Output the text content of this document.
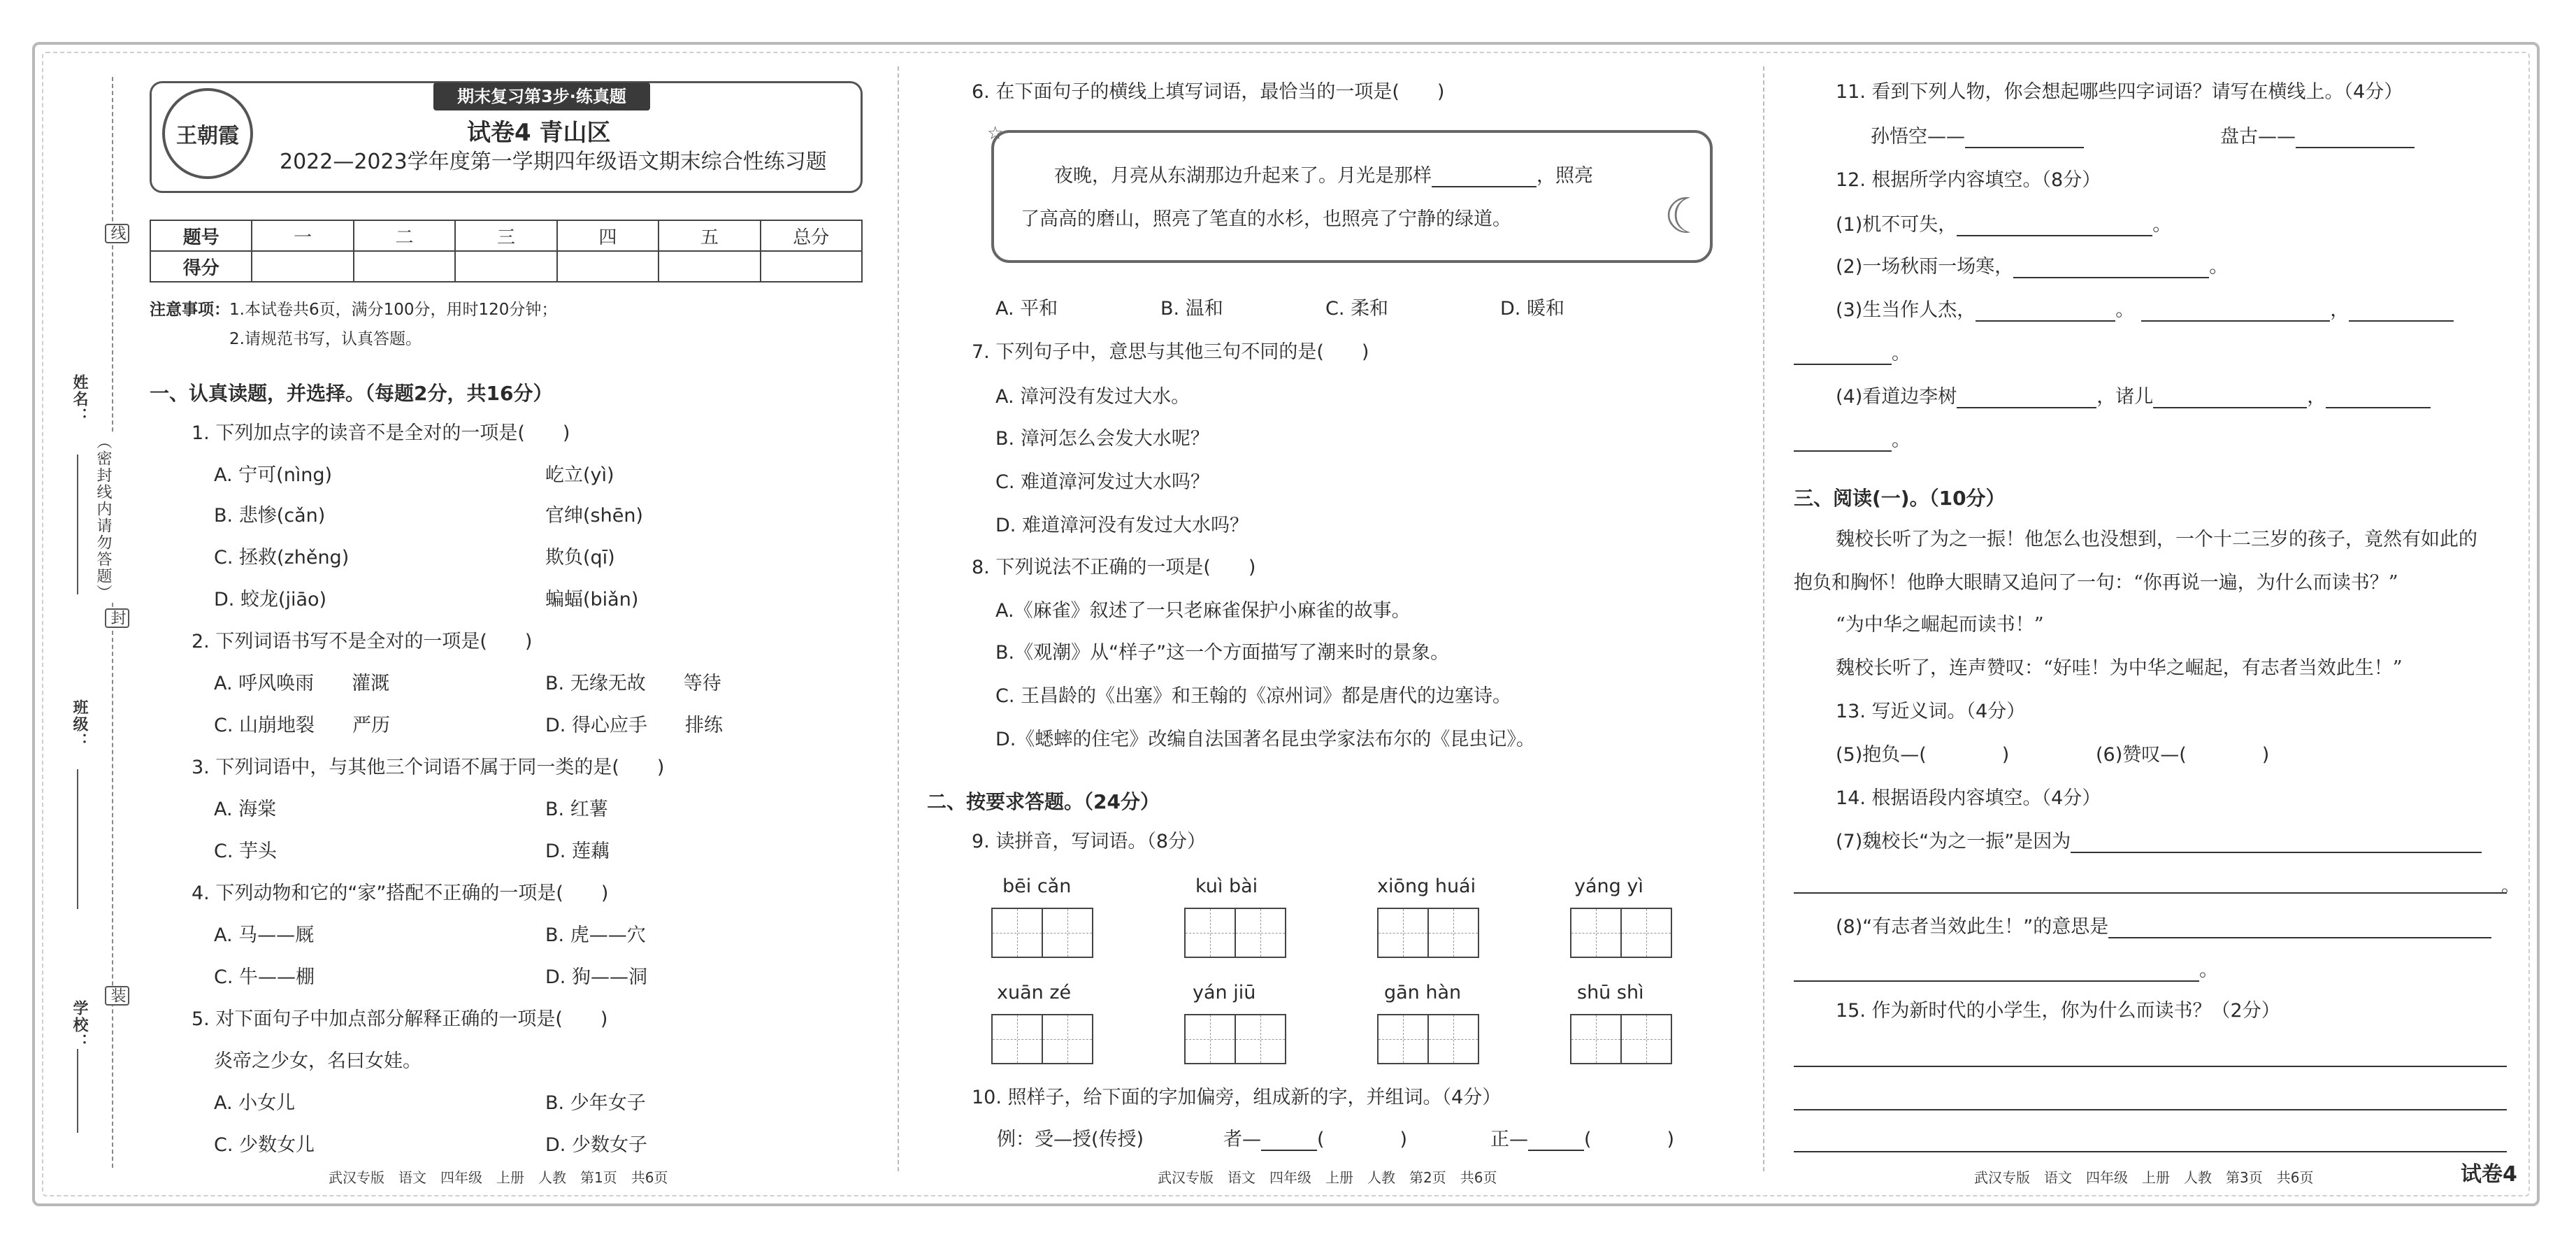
姓名：
班级：
学校：
线
封
装
（密封线内请勿答题）
王朝霞
期末复习第3步·练真题
试卷4 青山区
2022—2023学年度第一学期四年级语文期末综合性练习题
题号	一	二	三	四	五	总分
得分						
注意事项： 1.本试卷共6页，满分100分，用时120分钟；
2.请规范书写，认真答题。
一、认真读题，并选择。（每题2分，共16分）
1. 下列加点字的读音不是全对的一项是(　　)
A. 宁可(nìng)	屹立(yì)
B. 悲惨(cǎn)	官绅(shēn)
C. 拯救(zhěng)	欺负(qī)
D. 蛟龙(jiāo)	蝙蝠(biǎn)
2. 下列词语书写不是全对的一项是(　　)
A. 呼风唤雨　　灌溉	B. 无缘无故　　等待
C. 山崩地裂　　严历	D. 得心应手　　排练
3. 下列词语中，与其他三个词语不属于同一类的是(　　)
A. 海棠	B. 红薯
C. 芋头	D. 莲藕
4. 下列动物和它的“家”搭配不正确的一项是(　　)
A. 马——厩	B. 虎——穴
C. 牛——棚	D. 狗——洞
5. 对下面句子中加点部分解释正确的一项是(　　)
炎帝之少女，名曰女娃。
A. 小女儿	B. 少年女子
C. 少数女儿	D. 少数女子
武汉专版　语文　四年级　上册　人教　第1页　共6页
6. 在下面句子的横线上填写词语，最恰当的一项是(　　)
☆
☾
夜晚，月亮从东湖那边升起来了。月光是那样	，照亮
了高高的磨山，照亮了笔直的水杉，也照亮了宁静的绿道。
A. 平和	B. 温和	C. 柔和	D. 暖和
7. 下列句子中，意思与其他三句不同的是(　　)
A. 漳河没有发过大水。
B. 漳河怎么会发大水呢？
C. 难道漳河发过大水吗？
D. 难道漳河没有发过大水吗？
8. 下列说法不正确的一项是(　　)
A.《麻雀》叙述了一只老麻雀保护小麻雀的故事。
B.《观潮》从“样子”这一个方面描写了潮来时的景象。
C. 王昌龄的《出塞》和王翰的《凉州词》都是唐代的边塞诗。
D.《蟋蟀的住宅》改编自法国著名昆虫学家法布尔的《昆虫记》。
二、按要求答题。（24分）
9. 读拼音，写词语。（8分）
bēi cǎn	kuì bài	xiōng huái	yáng yì
xuān zé	yán jiū	gān hàn	shū shì
10. 照样子，给下面的字加偏旁，组成新的字，并组词。（4分）
例：受—授(传授)	者—	(　　　　)	正—	(　　　　)
武汉专版　语文　四年级　上册　人教　第2页　共6页
11. 看到下列人物，你会想起哪些四字词语？请写在横线上。（4分）
孙悟空——	盘古——
12. 根据所学内容填空。（8分）
(1)机不可失，	。
(2)一场秋雨一场寒，	。
(3)生当作人杰，	。	，
。
(4)看道边李树	，诸儿	，
。
三、阅读(一)。（10分）
魏校长听了为之一振！他怎么也没想到，一个十二三岁的孩子，竟然有如此的
抱负和胸怀！他睁大眼睛又追问了一句：“你再说一遍，为什么而读书？”
“为中华之崛起而读书！”
魏校长听了，连声赞叹：“好哇！为中华之崛起，有志者当效此生！”
13. 写近义词。（4分）
(5)抱负—(　　　　)	(6)赞叹—(　　　　)
14. 根据语段内容填空。（4分）
(7)魏校长“为之一振”是因为
。
(8)“有志者当效此生！”的意思是
。
15. 作为新时代的小学生，你为什么而读书？（2分）
武汉专版　语文　四年级　上册　人教　第3页　共6页	试卷4
